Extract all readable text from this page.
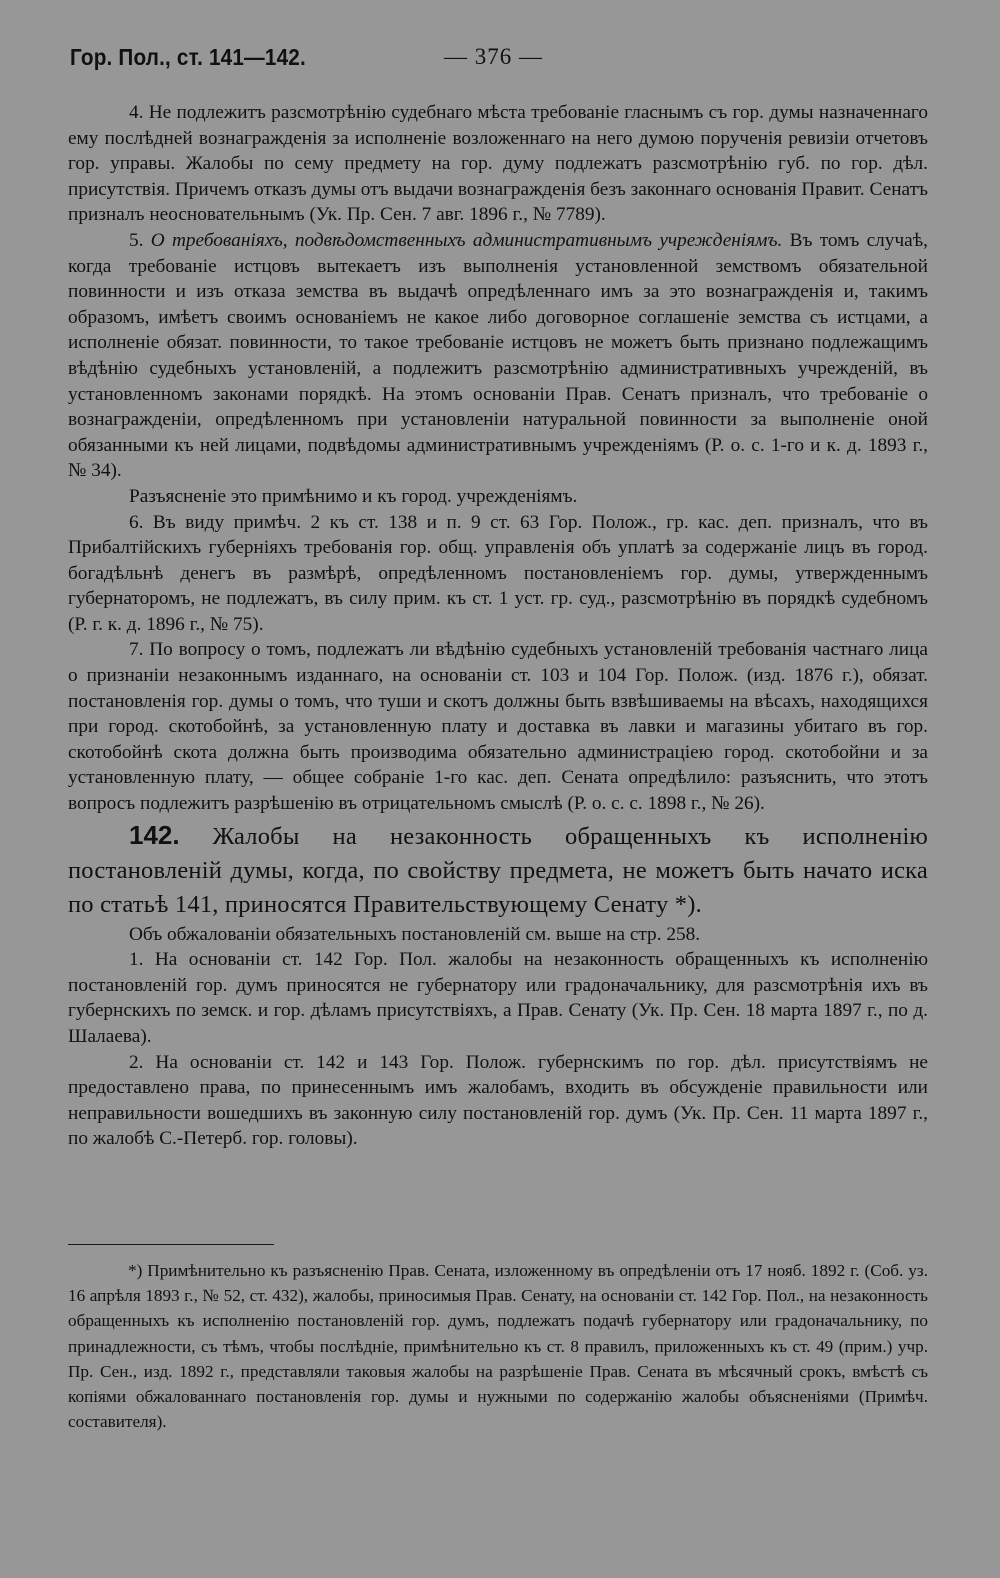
Гор. Пол., ст. 141—142.	— 376 —

4. Не подлежитъ разсмотрѣнію судебнаго мѣста требованіе гласнымъ съ гор. думы назначеннаго ему послѣдней вознагражденія за исполненіе возложеннаго на него думою порученія ревизіи отчетовъ гор. управы. Жалобы по сему предмету на гор. думу подлежатъ разсмотрѣнію губ. по гор. дѣл. присутствія. Причемъ отказъ думы отъ выдачи вознагражденія безъ законнаго основанія Правит. Сенатъ призналъ неосновательнымъ (Ук. Пр. Сен. 7 авг. 1896 г., № 7789).

5. О требованіяхъ, подвѣдомственныхъ административнымъ учрежденіямъ. Въ томъ случаѣ, когда требованіе истцовъ вытекаетъ изъ выполненія установленной земствомъ обязательной повинности и изъ отказа земства въ выдачѣ опредѣленнаго имъ за это вознагражденія и, такимъ образомъ, имѣетъ своимъ основаніемъ не какое либо договорное соглашеніе земства съ истцами, а исполненіе обязат. повинности, то такое требованіе истцовъ не можетъ быть признано подлежащимъ вѣдѣнію судебныхъ установленій, а подлежитъ разсмотрѣнію административныхъ учрежденій, въ установленномъ законами порядкѣ. На этомъ основаніи Прав. Сенатъ призналъ, что требованіе о вознагражденіи, опредѣленномъ при установленіи натуральной повинности за выполненіе оной обязанными къ ней лицами, подвѣдомы административнымъ учрежденіямъ (Р. о. с. 1-го и к. д. 1893 г., № 34).

Разъясненіе это примѣнимо и къ город. учрежденіямъ.

6. Въ виду примѣч. 2 къ ст. 138 и п. 9 ст. 63 Гор. Полож., гр. кас. деп. призналъ, что въ Прибалтійскихъ губерніяхъ требованія гор. общ. управленія объ уплатѣ за содержаніе лицъ въ город. богадѣльнѣ денегъ въ размѣрѣ, опредѣленномъ постановленіемъ гор. думы, утвержденнымъ губернаторомъ, не подлежатъ, въ силу прим. къ ст. 1 уст. гр. суд., разсмотрѣнію въ порядкѣ судебномъ (Р. г. к. д. 1896 г., № 75).

7. По вопросу о томъ, подлежатъ ли вѣдѣнію судебныхъ установленій требованія частнаго лица о признаніи незаконнымъ изданнаго, на основаніи ст. 103 и 104 Гор. Полож. (изд. 1876 г.), обязат. постановленія гор. думы о томъ, что туши и скотъ должны быть взвѣшиваемы на вѣсахъ, находящихся при город. скотобойнѣ, за установленную плату и доставка въ лавки и магазины убитаго въ гор. скотобойнѣ скота должна быть производима обязательно администраціею город. скотобойни и за установленную плату, — общее собраніе 1-го кас. деп. Сената опредѣлило: разъяснить, что этотъ вопросъ подлежитъ разрѣшенію въ отрицательномъ смыслѣ (Р. о. с. с. 1898 г., № 26).

142. Жалобы на незаконность обращенныхъ къ исполненію постановленій думы, когда, по свойству предмета, не можетъ быть начато иска по статьѣ 141, приносятся Правительствующему Сенату *).

Объ обжалованіи обязательныхъ постановленій см. выше на стр. 258.

1. На основаніи ст. 142 Гор. Пол. жалобы на незаконность обращенныхъ къ исполненію постановленій гор. думъ приносятся не губернатору или градоначальнику, для разсмотрѣнія ихъ въ губернскихъ по земск. и гор. дѣламъ присутствіяхъ, а Прав. Сенату (Ук. Пр. Сен. 18 марта 1897 г., по д. Шалаева).

2. На основаніи ст. 142 и 143 Гор. Полож. губернскимъ по гор. дѣл. присутствіямъ не предоставлено права, по принесеннымъ имъ жалобамъ, входить въ обсужденіе правильности или неправильности вошедшихъ въ законную силу постановленій гор. думъ (Ук. Пр. Сен. 11 марта 1897 г., по жалобѣ С.-Петерб. гор. головы).

*) Примѣнительно къ разъясненію Прав. Сената, изложенному въ опредѣленіи отъ 17 нояб. 1892 г. (Соб. уз. 16 апрѣля 1893 г., № 52, ст. 432), жалобы, приносимыя Прав. Сенату, на основаніи ст. 142 Гор. Пол., на незаконность обращенныхъ къ исполненію постановленій гор. думъ, подлежатъ подачѣ губернатору или градоначальнику, по принадлежности, съ тѣмъ, чтобы послѣдніе, примѣнительно къ ст. 8 правилъ, приложенныхъ къ ст. 49 (прим.) учр. Пр. Сен., изд. 1892 г., представляли таковыя жалобы на разрѣшеніе Прав. Сената въ мѣсячный срокъ, вмѣстѣ съ копіями обжалованнаго постановленія гор. думы и нужными по содержанію жалобы объясненіями (Примѣч. составителя).
